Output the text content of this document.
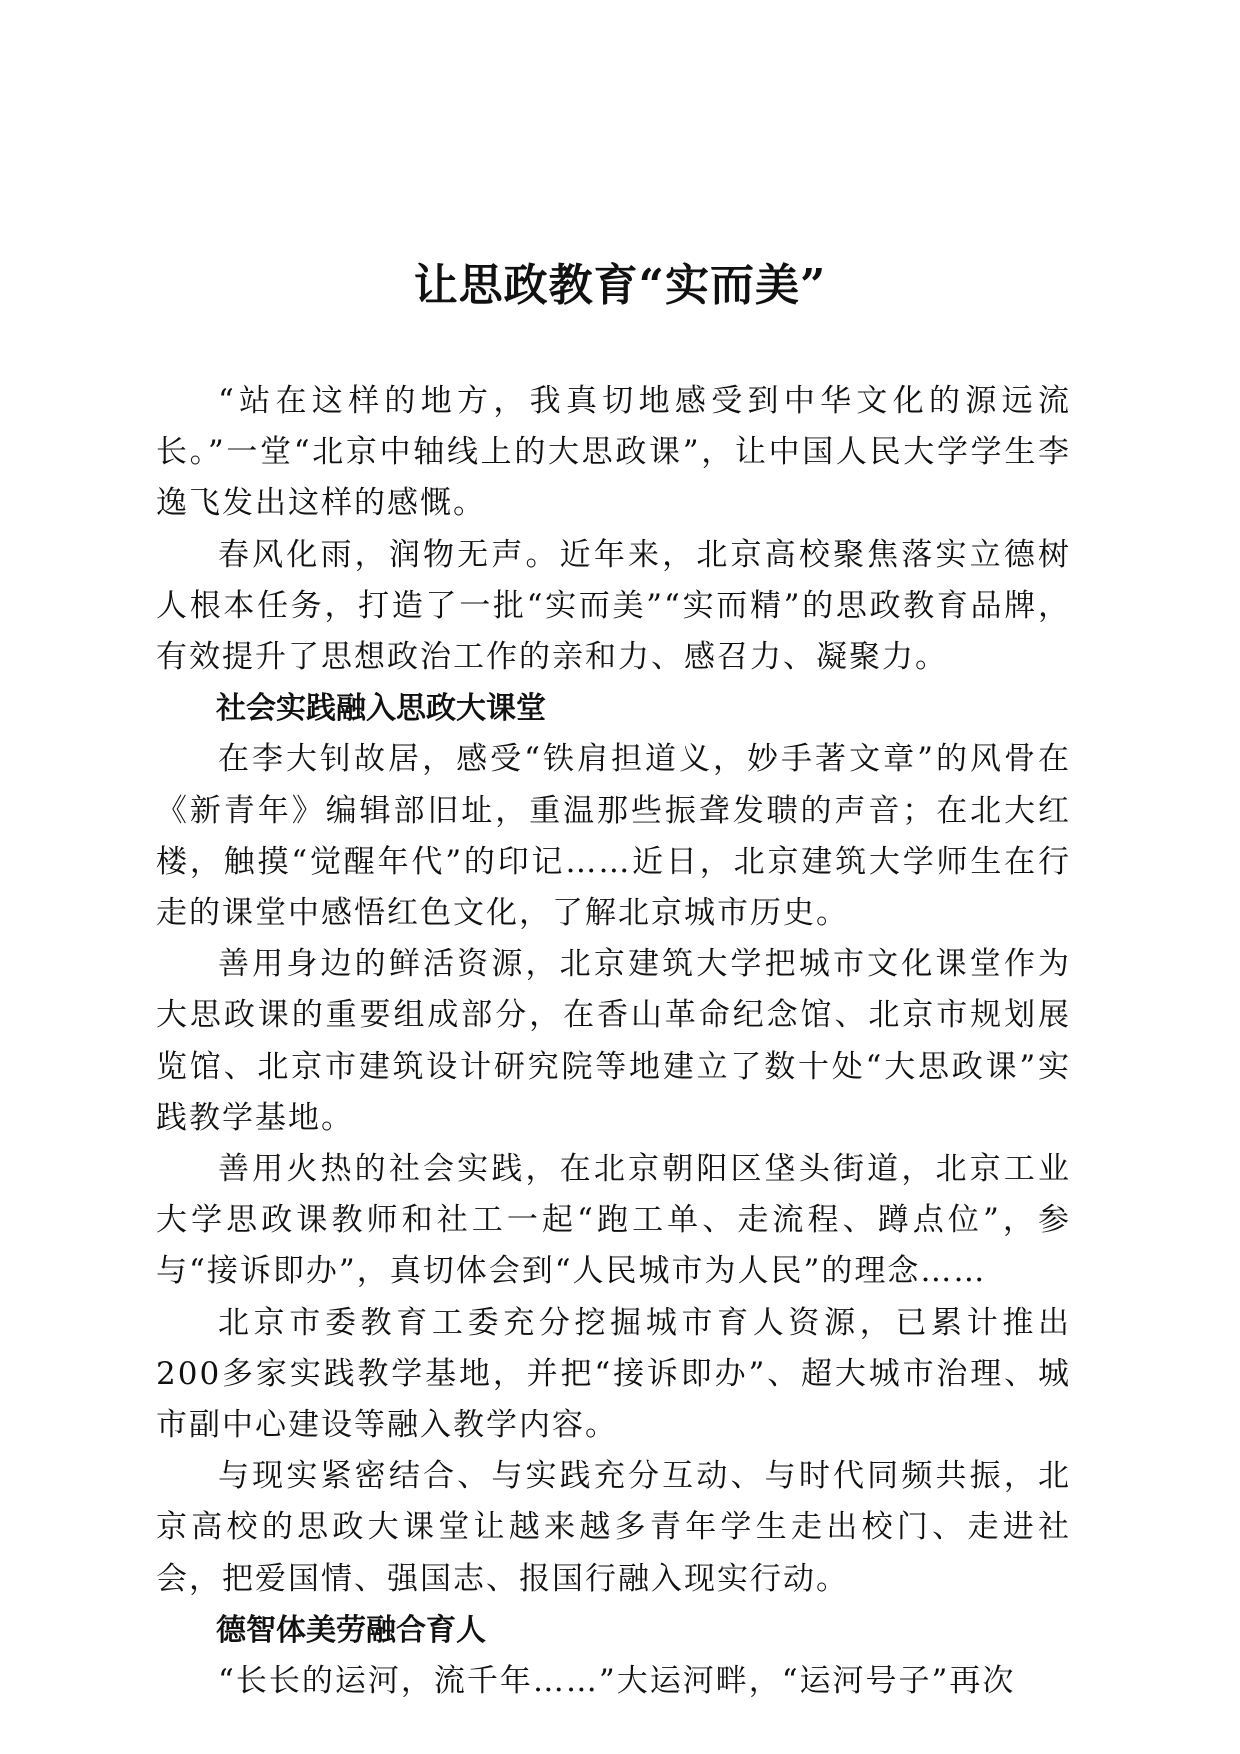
让思政教育“实而美”

“站在这样的地方，我真切地感受到中华文化的源远流长。”一堂“北京中轴线上的大思政课”，让中国人民大学学生李逸飞发出这样的感慨。

春风化雨，润物无声。近年来，北京高校聚焦落实立德树人根本任务，打造了一批“实而美”“实而精”的思政教育品牌，有效提升了思想政治工作的亲和力、感召力、凝聚力。

社会实践融入思政大课堂

在李大钊故居，感受“铁肩担道义，妙手著文章”的风骨在《新青年》编辑部旧址，重温那些振聋发聩的声音；在北大红楼，触摸“觉醒年代”的印记……近日，北京建筑大学师生在行走的课堂中感悟红色文化，了解北京城市历史。

善用身边的鲜活资源，北京建筑大学把城市文化课堂作为大思政课的重要组成部分，在香山革命纪念馆、北京市规划展览馆、北京市建筑设计研究院等地建立了数十处“大思政课”实践教学基地。

善用火热的社会实践，在北京朝阳区垡头街道，北京工业大学思政课教师和社工一起“跑工单、走流程、蹲点位”，参与“接诉即办”，真切体会到“人民城市为人民”的理念……

北京市委教育工委充分挖掘城市育人资源，已累计推出200多家实践教学基地，并把“接诉即办”、超大城市治理、城市副中心建设等融入教学内容。

与现实紧密结合、与实践充分互动、与时代同频共振，北京高校的思政大课堂让越来越多青年学生走出校门、走进社会，把爱国情、强国志、报国行融入现实行动。

德智体美劳融合育人

“长长的运河，流千年……”大运河畔，“运河号子”再次
